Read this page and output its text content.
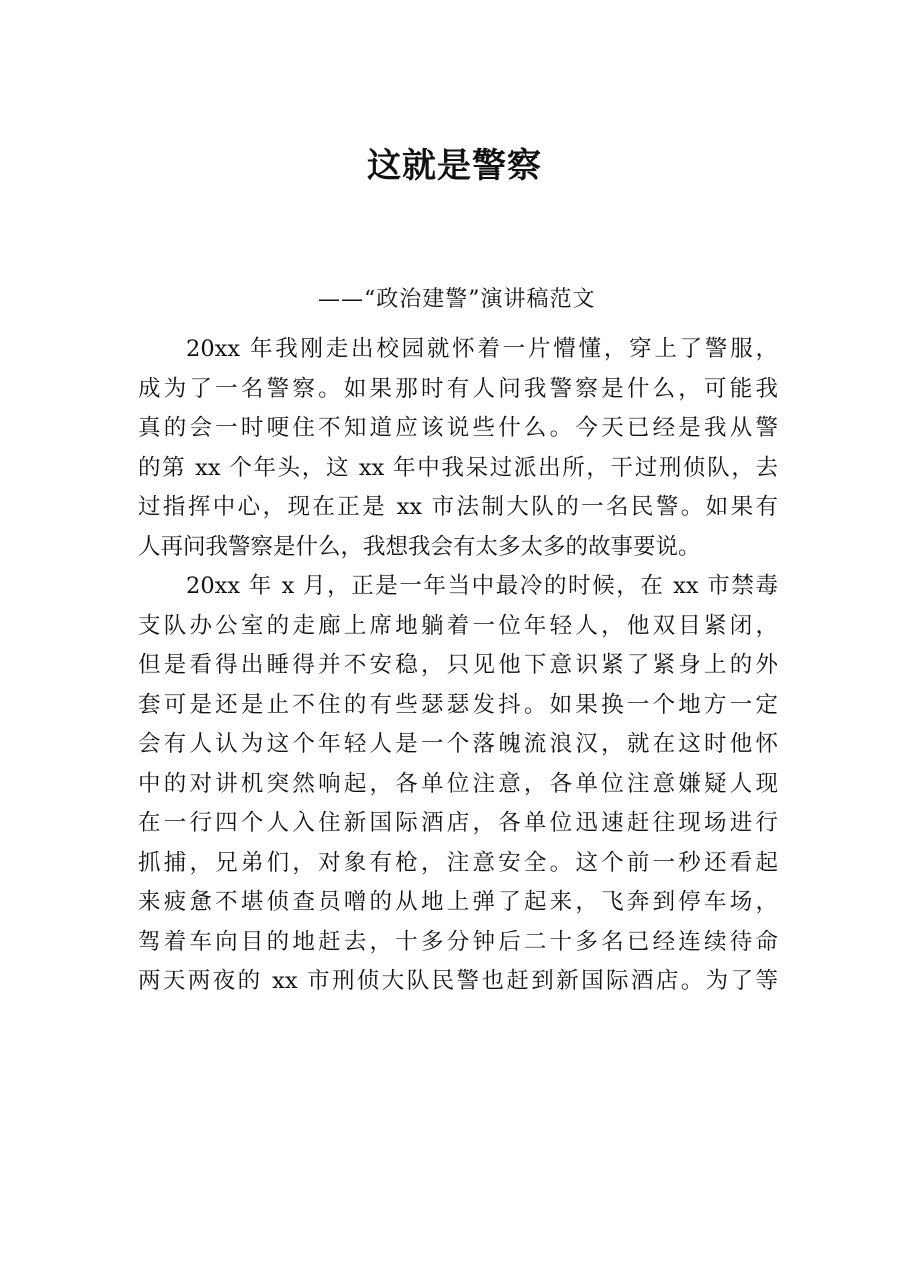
这就是警察
——“政治建警”演讲稿范文
20xx 年我刚走出校园就怀着一片懵懂，穿上了警服，
成为了一名警察。如果那时有人问我警察是什么，可能我
真的会一时哽住不知道应该说些什么。今天已经是我从警
的第 xx 个年头，这 xx 年中我呆过派出所，干过刑侦队，去
过指挥中心，现在正是 xx 市法制大队的一名民警。如果有
人再问我警察是什么，我想我会有太多太多的故事要说。
20xx 年 x 月，正是一年当中最冷的时候，在 xx 市禁毒
支队办公室的走廊上席地躺着一位年轻人，他双目紧闭，
但是看得出睡得并不安稳，只见他下意识紧了紧身上的外
套可是还是止不住的有些瑟瑟发抖。如果换一个地方一定
会有人认为这个年轻人是一个落魄流浪汉，就在这时他怀
中的对讲机突然响起，各单位注意，各单位注意嫌疑人现
在一行四个人入住新国际酒店，各单位迅速赶往现场进行
抓捕，兄弟们，对象有枪，注意安全。这个前一秒还看起
来疲惫不堪侦查员噌的从地上弹了起来，飞奔到停车场，
驾着车向目的地赶去，十多分钟后二十多名已经连续待命
两天两夜的 xx 市刑侦大队民警也赶到新国际酒店。为了等
